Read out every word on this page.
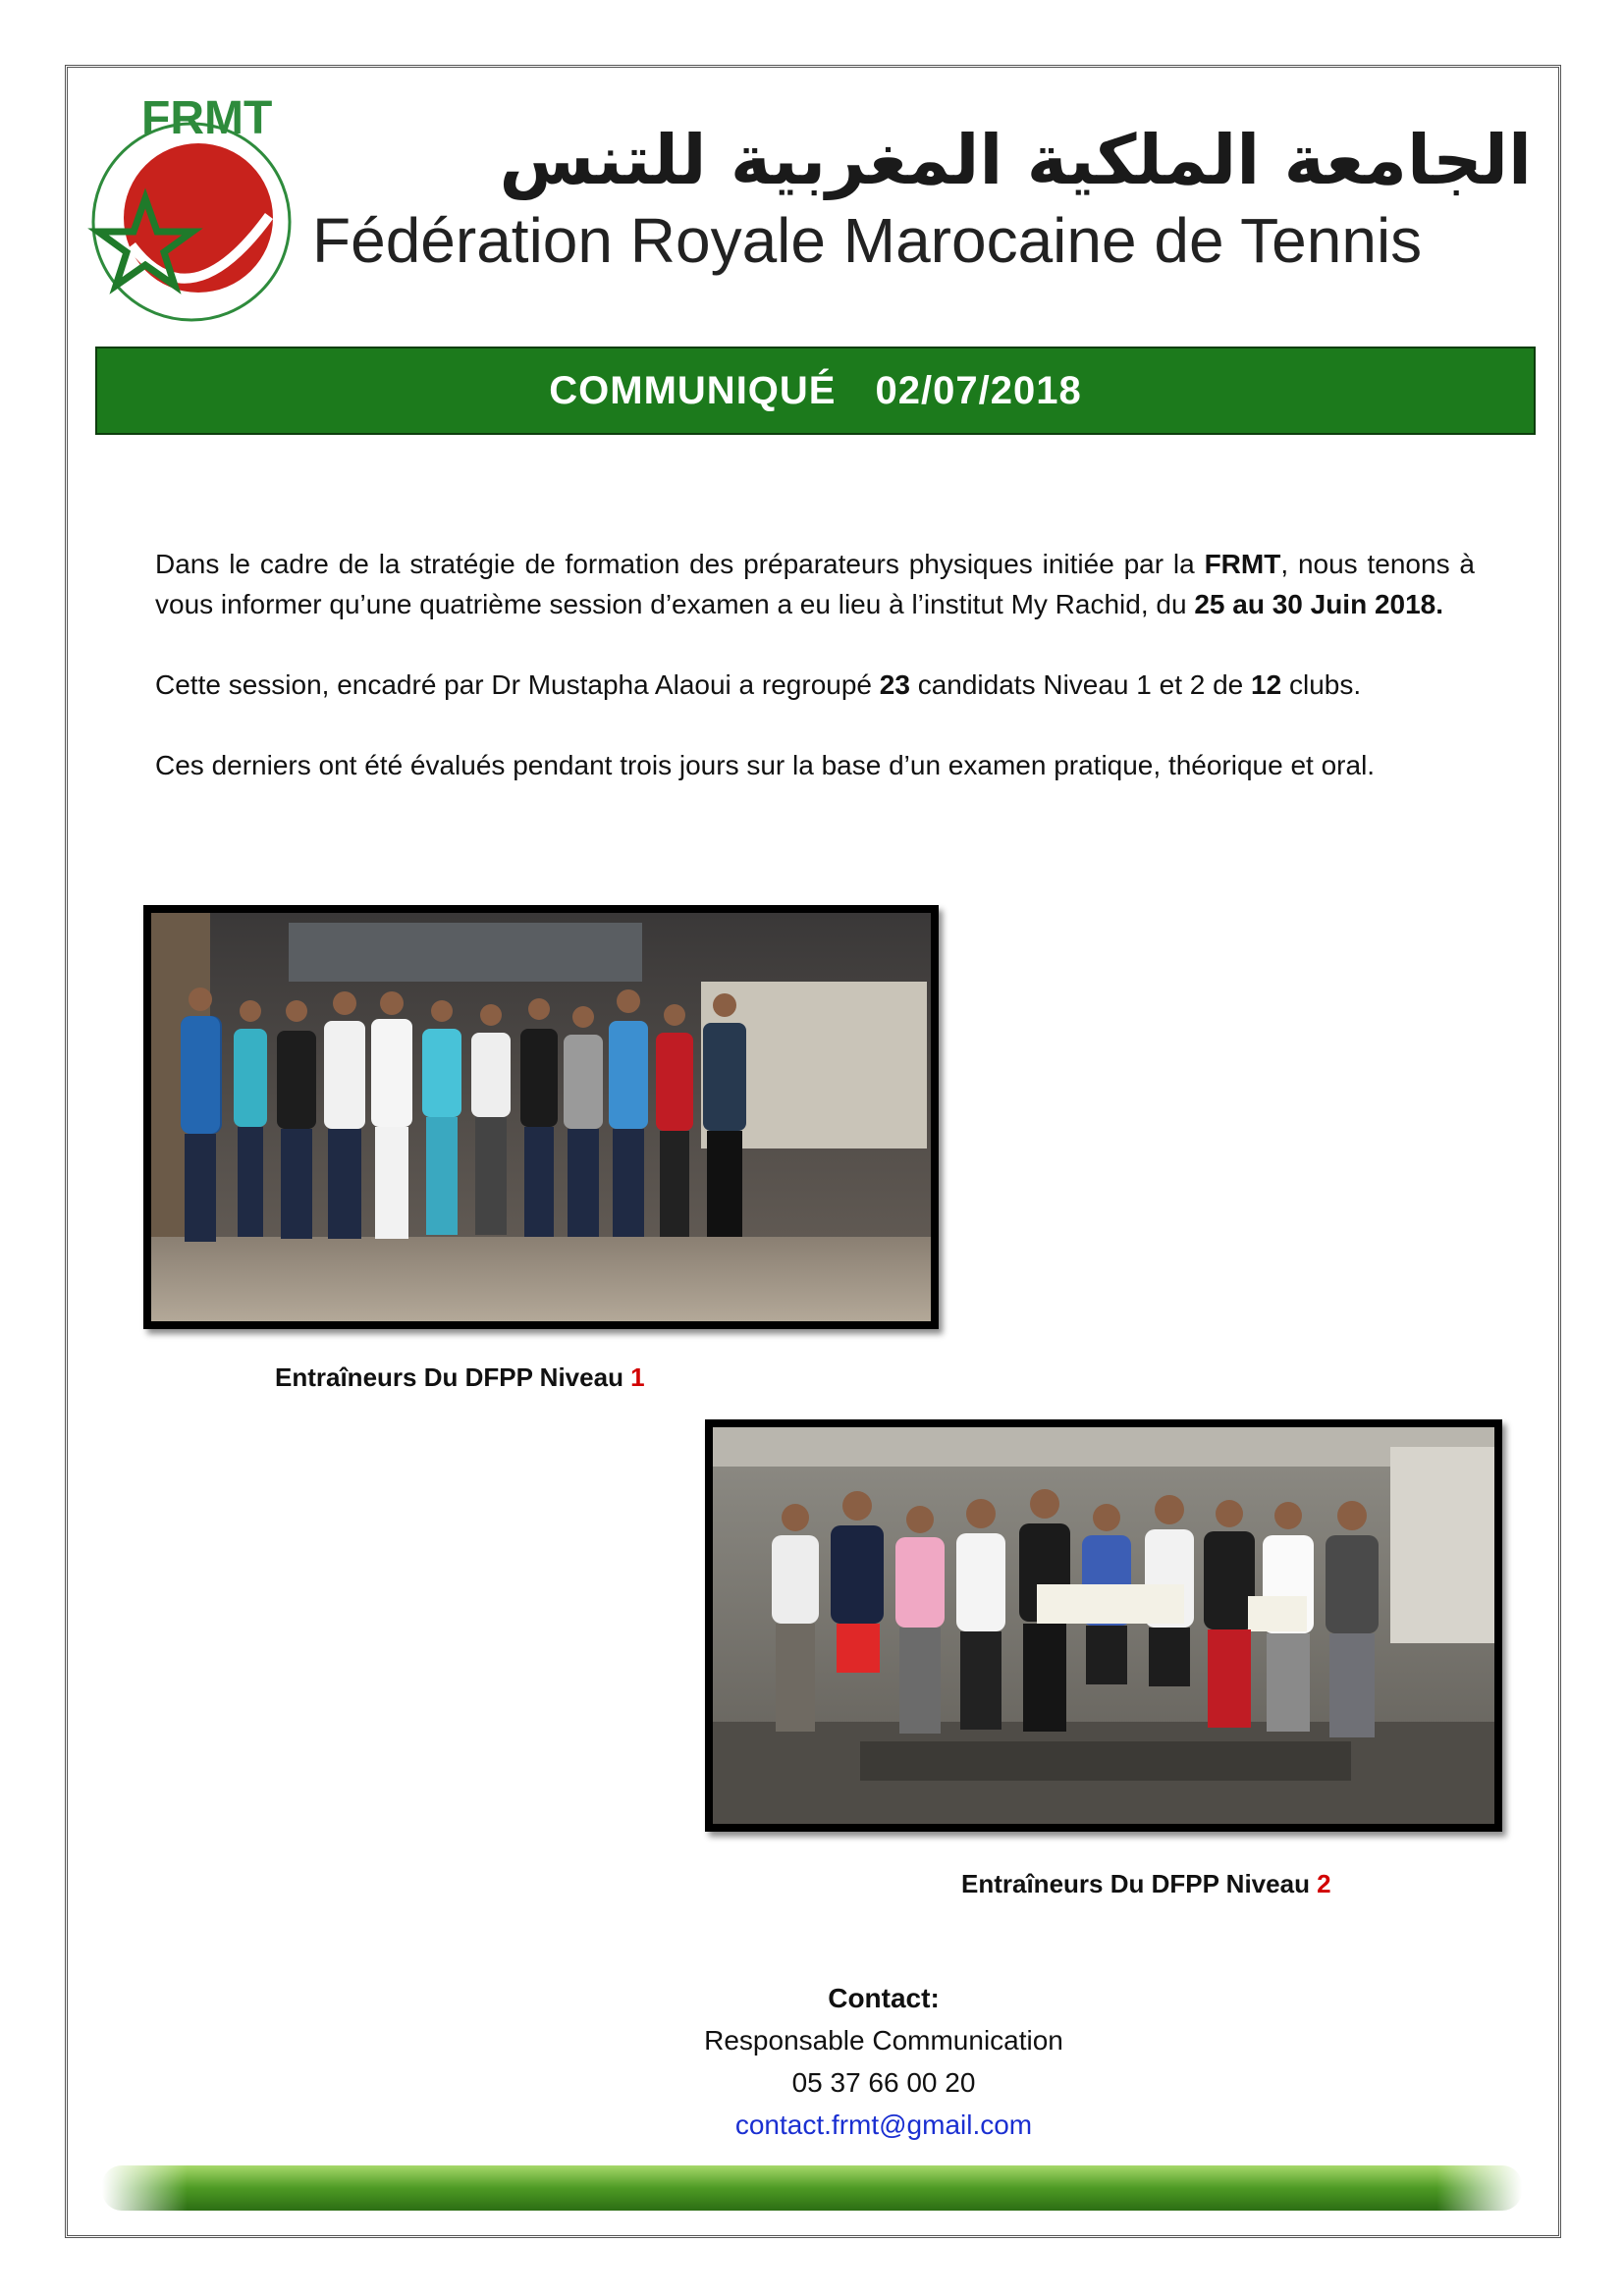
FRMT
الجامعة الملكية المغربية للتنس
Fédération Royale Marocaine de Tennis
COMMUNIQUÉ 02/07/2018

Dans le cadre de la stratégie de formation des préparateurs physiques initiée par la FRMT, nous tenons à vous informer qu’une quatrième session d’examen a eu lieu à l’institut My Rachid, du 25 au 30 Juin 2018.

Cette session, encadré par Dr Mustapha Alaoui a regroupé 23 candidats Niveau 1 et 2 de 12 clubs.

Ces derniers ont été évalués pendant trois jours sur la base d’un examen pratique, théorique et oral.

Entraîneurs Du DFPP Niveau 1
Entraîneurs Du DFPP Niveau 2
Contact:
Responsable Communication
05 37 66 00 20
contact.frmt@gmail.com
